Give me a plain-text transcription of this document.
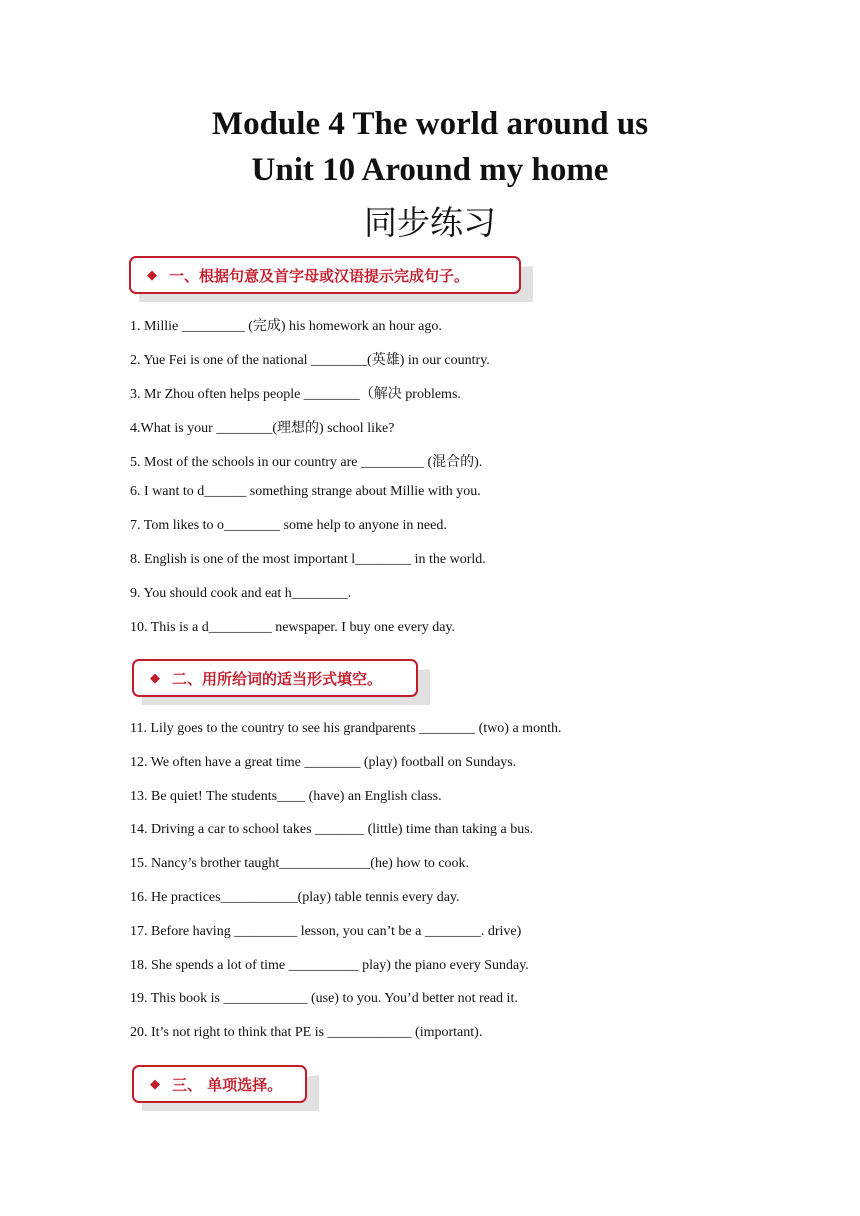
Module 4 The world around us
Unit 10 Around my home
同步练习
◆ 一、根据句意及首字母或汉语提示完成句子。
1. Millie _________ (完成) his homework an hour ago.
2. Yue Fei is one of the national ________(英雄) in our country.
3. Mr Zhou often helps people ________（解决 problems.
4.What is your ________(理想的) school like?
5. Most of the schools in our country are _________ (混合的).
6. I want to d______ something strange about Millie with you.
7. Tom likes to o________ some help to anyone in need.
8. English is one of the most important l________ in the world.
9. You should cook and eat h________.
10. This is a d_________ newspaper. I buy one every day.
◆ 二、用所给词的适当形式填空。
11. Lily goes to the country to see his grandparents ________ (two) a month.
12. We often have a great time ________ (play) football on Sundays.
13. Be quiet! The students____ (have) an English class.
14. Driving a car to school takes _______ (little) time than taking a bus.
15. Nancy’s brother taught_____________(he) how to cook.
16. He practices___________(play) table tennis every day.
17. Before having _________ lesson, you can’t be a ________. drive)
18. She spends a lot of time __________ play) the piano every Sunday.
19. This book is ____________ (use) to you. You’d better not read it.
20. It’s not right to think that PE is ____________ (important).
◆ 三、 单项选择。
